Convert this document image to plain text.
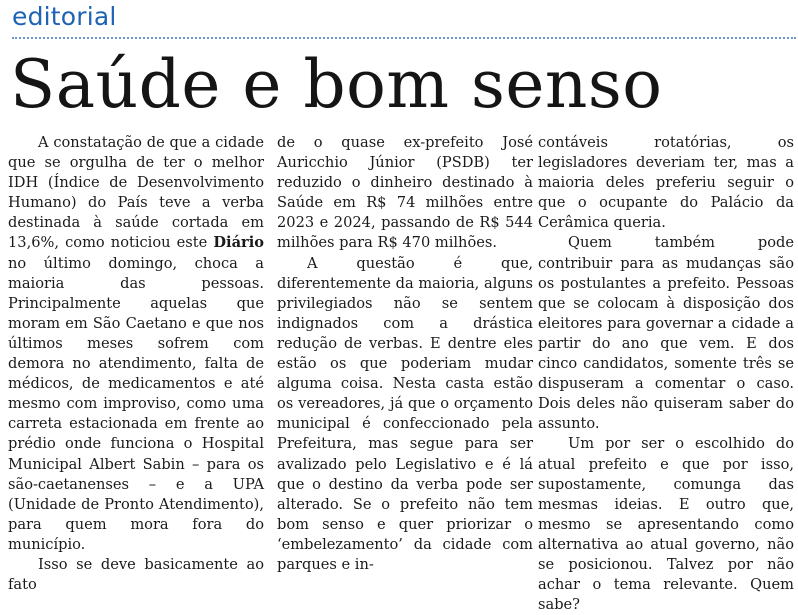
editorial
Saúde e bom senso

A constatação de que a cidade que se orgulha de ter o melhor IDH (Índice de Desenvolvimento Humano) do País teve a verba destinada à saúde cortada em 13,6%, como noticiou este Diário no último domingo, choca a maioria das pessoas. Principalmente aquelas que moram em São Caetano e que nos últimos meses sofrem com demora no atendimento, falta de médicos, de medicamentos e até mesmo com improviso, como uma carreta estacionada em frente ao prédio onde funciona o Hospital Municipal Albert Sabin – para os são-caetanenses – e a UPA (Unidade de Pronto Atendimento), para quem mora fora do município.

Isso se deve basicamente ao fato

de o quase ex-prefeito José Auricchio Júnior (PSDB) ter reduzido o dinheiro destinado à Saúde em R$ 74 milhões entre 2023 e 2024, passando de R$ 544 milhões para R$ 470 milhões.

A questão é que, diferentemente da maioria, alguns privilegiados não se sentem indignados com a drástica redução de verbas. E dentre eles estão os que poderiam mudar alguma coisa. Nesta casta estão os vereadores, já que o orçamento municipal é confeccionado pela Prefeitura, mas segue para ser avalizado pelo Legislativo e é lá que o destino da verba pode ser alterado. Se o prefeito não tem bom senso e quer priorizar o ‘embelezamento’ da cidade com parques e in-

contáveis rotatórias, os legisladores deveriam ter, mas a maioria deles preferiu seguir o que o ocupante do Palácio da Cerâmica queria.

Quem também pode contribuir para as mudanças são os postulantes a prefeito. Pessoas que se colocam à disposição dos eleitores para governar a cidade a partir do ano que vem. E dos cinco candidatos, somente três se dispuseram a comentar o caso. Dois deles não quiseram saber do assunto.

Um por ser o escolhido do atual prefeito e que por isso, supostamente, comunga das mesmas ideias. E outro que, mesmo se apresentando como alternativa ao atual governo, não se posicionou. Talvez por não achar o tema relevante. Quem sabe?
